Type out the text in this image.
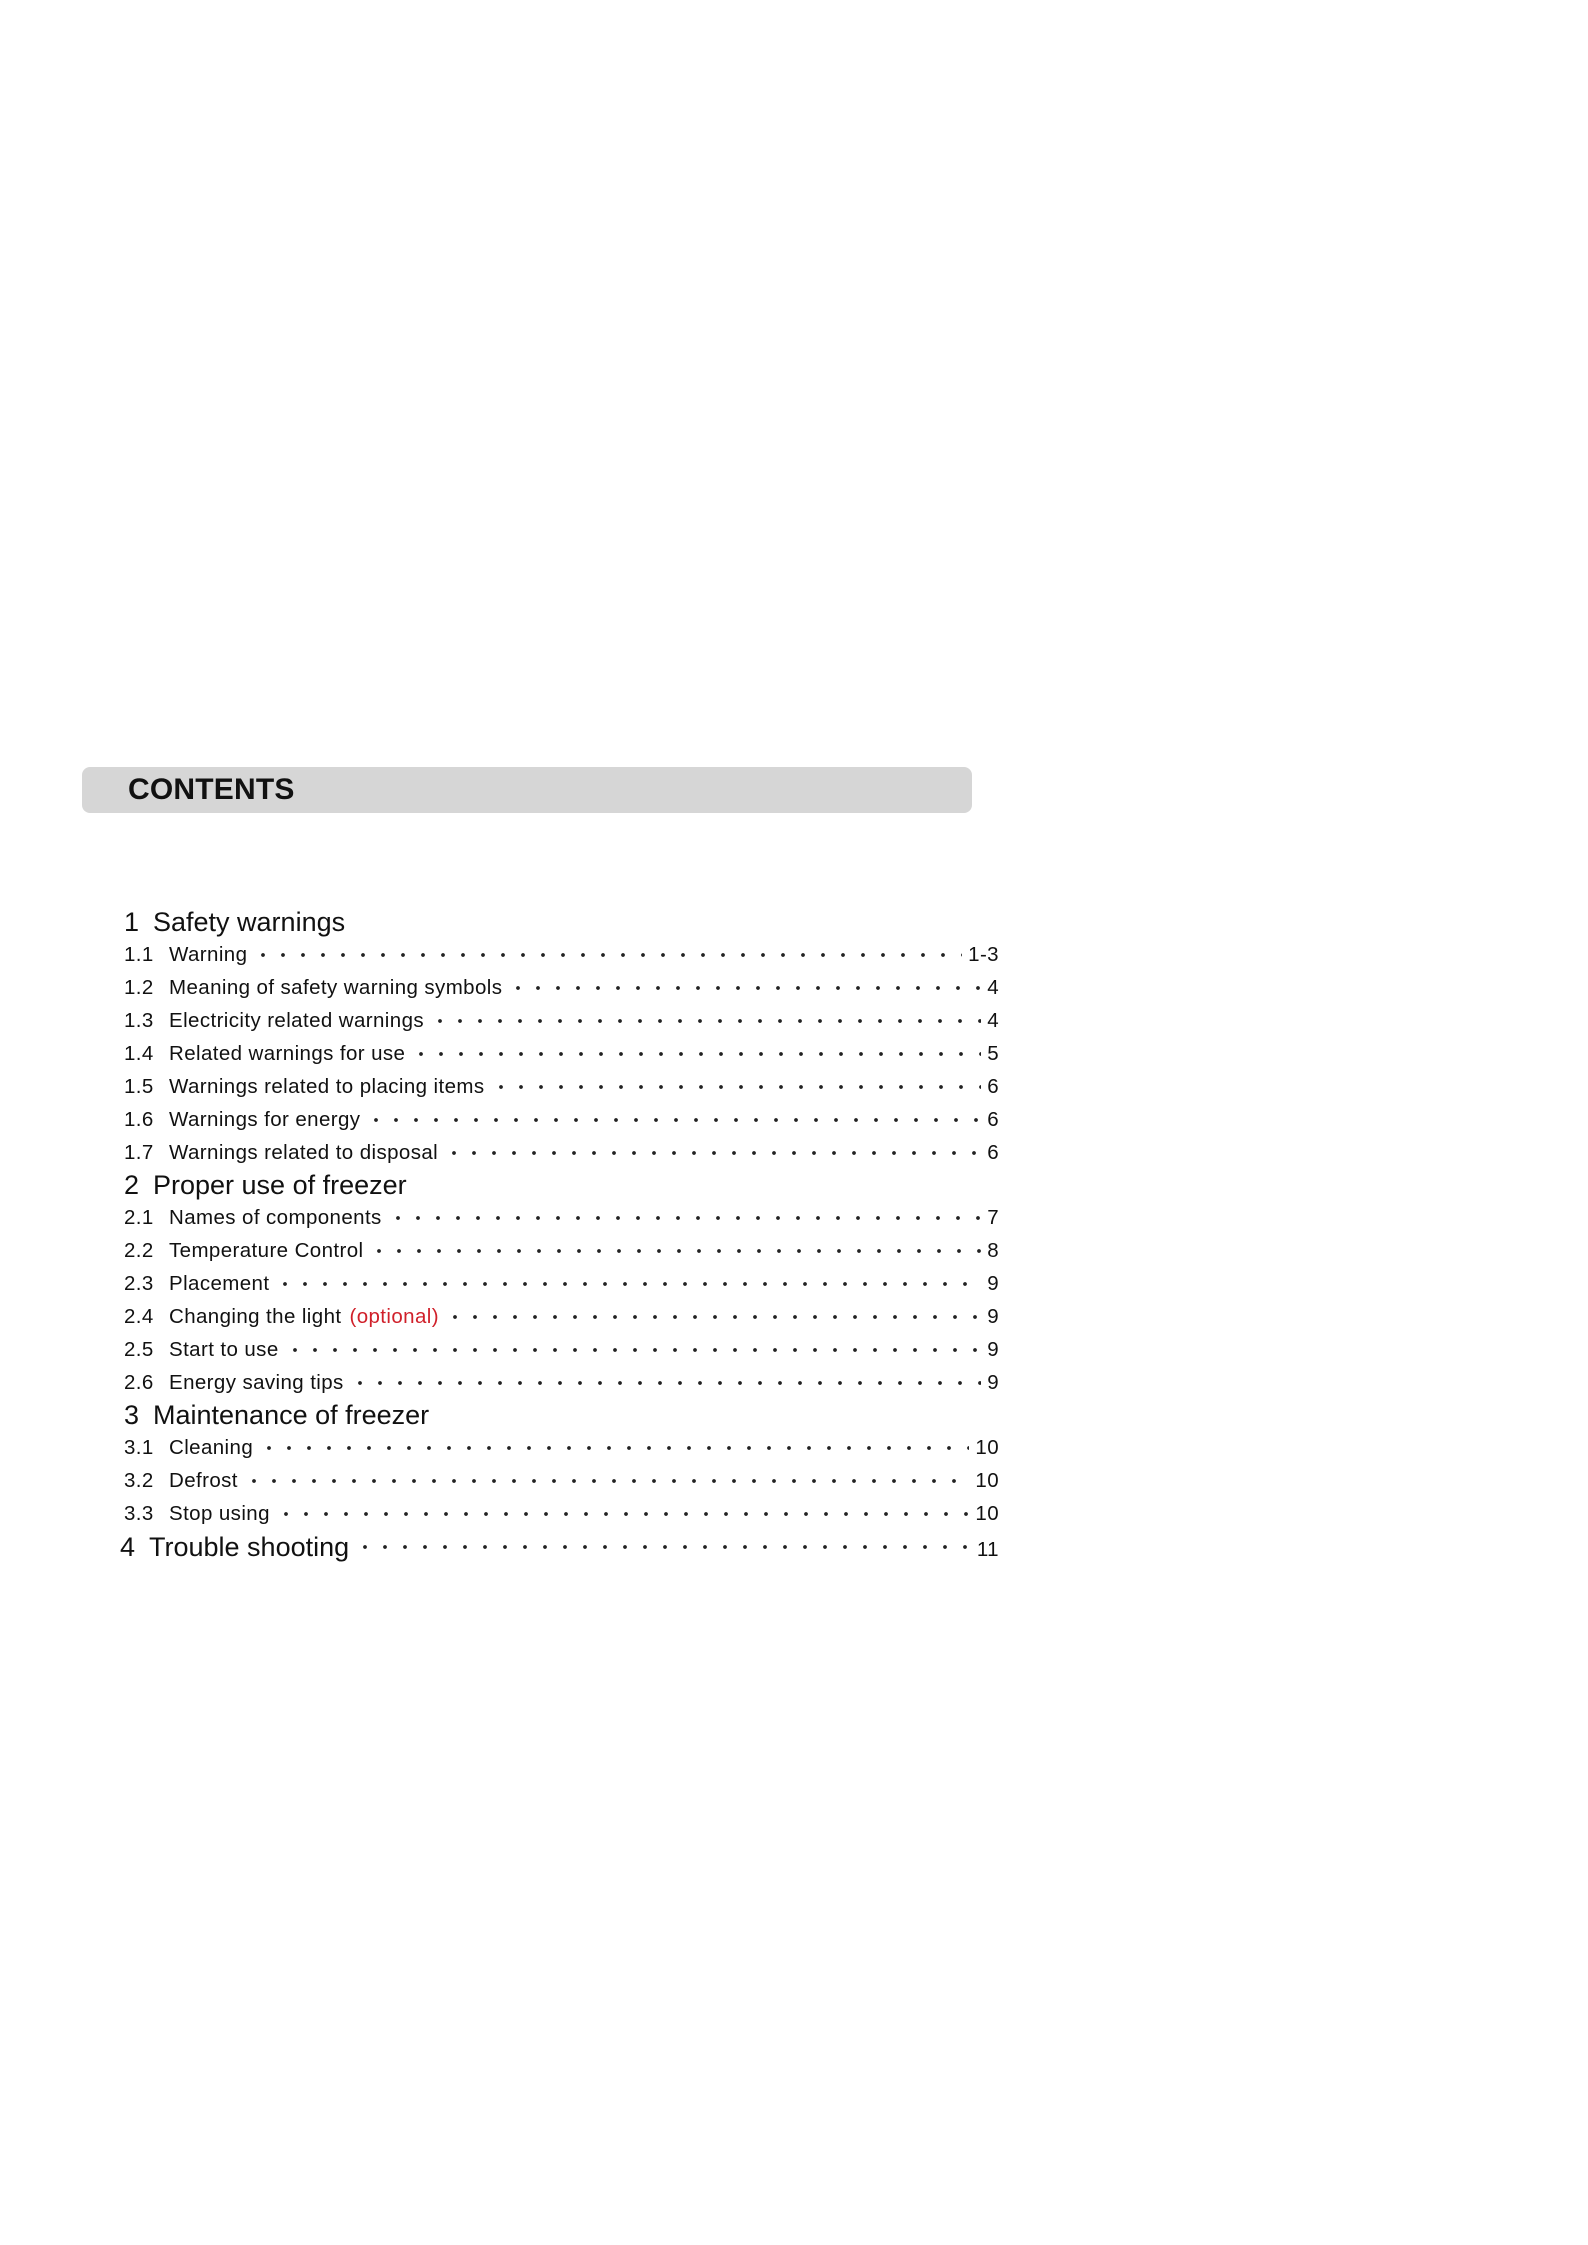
CONTENTS
1 Safety warnings
1.1 Warning	1-3
1.2 Meaning of safety warning symbols	4
1.3 Electricity related warnings	4
1.4 Related warnings for use	5
1.5 Warnings related to placing items	6
1.6 Warnings for energy	6
1.7 Warnings related to disposal	6
2 Proper use of freezer
2.1 Names of components	7
2.2 Temperature Control	8
2.3 Placement	9
2.4 Changing the light (optional)	9
2.5 Start to use	9
2.6 Energy saving tips	9
3 Maintenance of freezer
3.1 Cleaning	10
3.2 Defrost	10
3.3 Stop using	10
4 Trouble shooting	11
